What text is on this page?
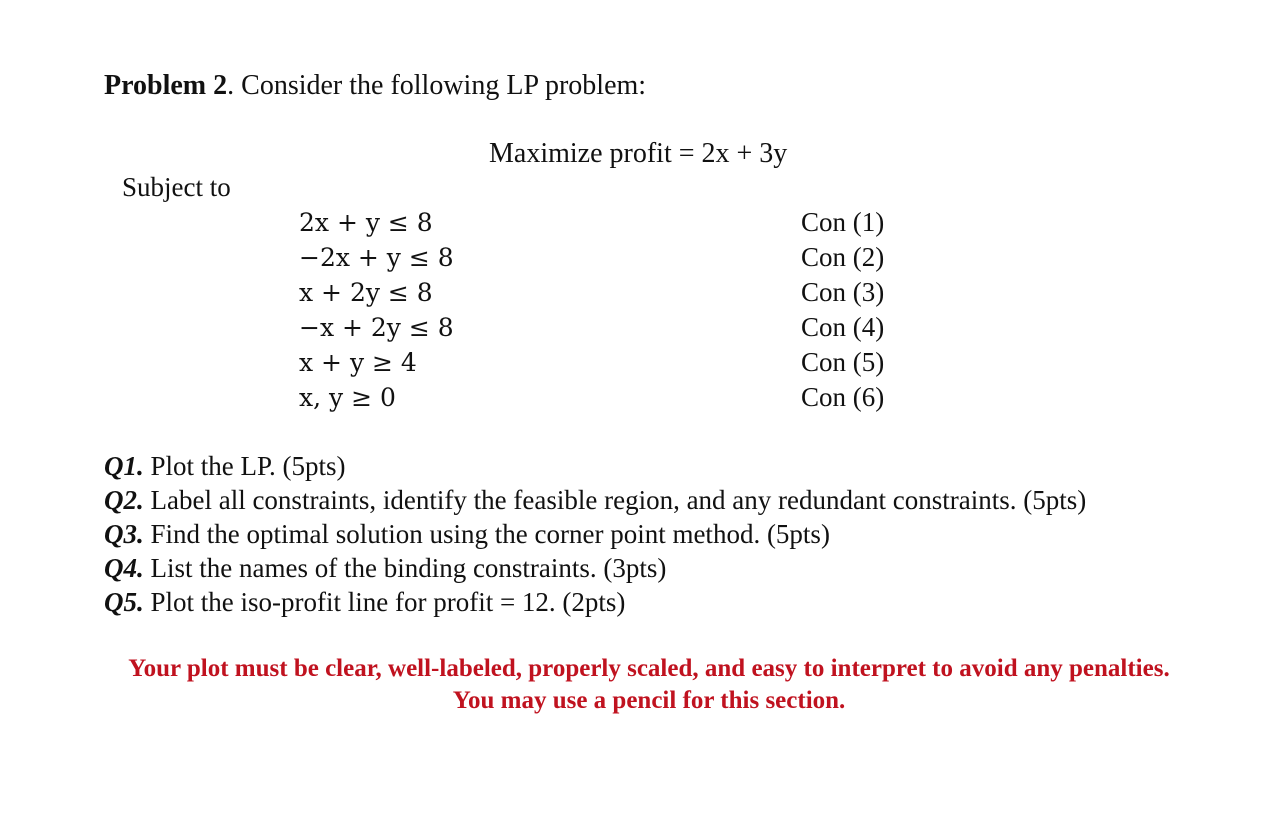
Problem 2. Consider the following LP problem:
Maximize profit = 2x + 3y
Subject to
2x + y ≤ 8
−2x + y ≤ 8
x + 2y ≤ 8
−x + 2y ≤ 8
x + y ≥ 4
x, y ≥ 0
Con (1)
Con (2)
Con (3)
Con (4)
Con (5)
Con (6)
Q1. Plot the LP. (5pts)
Q2. Label all constraints, identify the feasible region, and any redundant constraints. (5pts)
Q3. Find the optimal solution using the corner point method. (5pts)
Q4. List the names of the binding constraints. (3pts)
Q5. Plot the iso-profit line for profit = 12. (2pts)
Your plot must be clear, well-labeled, properly scaled, and easy to interpret to avoid any penalties.
You may use a pencil for this section.
